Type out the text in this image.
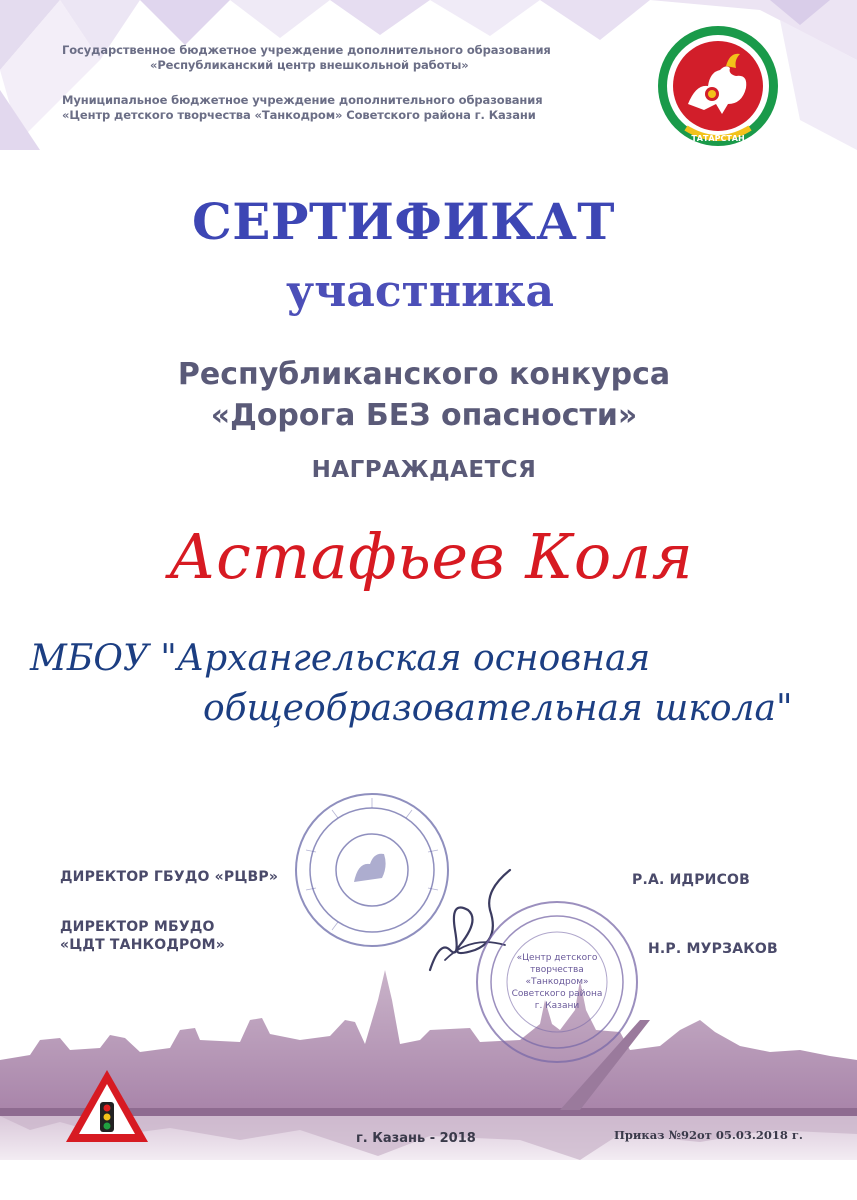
Государственное бюджетное учреждение дополнительного образования
«Республиканский центр внешкольной работы»
Муниципальное бюджетное учреждение дополнительного образования
«Центр детского творчества «Танкодром» Советского района г. Казани
ТАТАРСТАН
СЕРТИФИКАТ
участника
Республиканского конкурса
«Дорога БЕЗ опасности»
НАГРАЖДАЕТСЯ
Астафьев Коля
МБОУ "Архангельская основная
общеобразовательная школа"
«Центр детского
творчества
«Танкодром»
Советского района
г. Казани
ДИРЕКТОР ГБУДО «РЦВР»
ДИРЕКТОР МБУДО
«ЦДТ ТАНКОДРОМ»
Р.А. ИДРИСОВ
Н.Р. МУРЗАКОВ
г. Казань - 2018	Приказ №92от 05.03.2018 г.
